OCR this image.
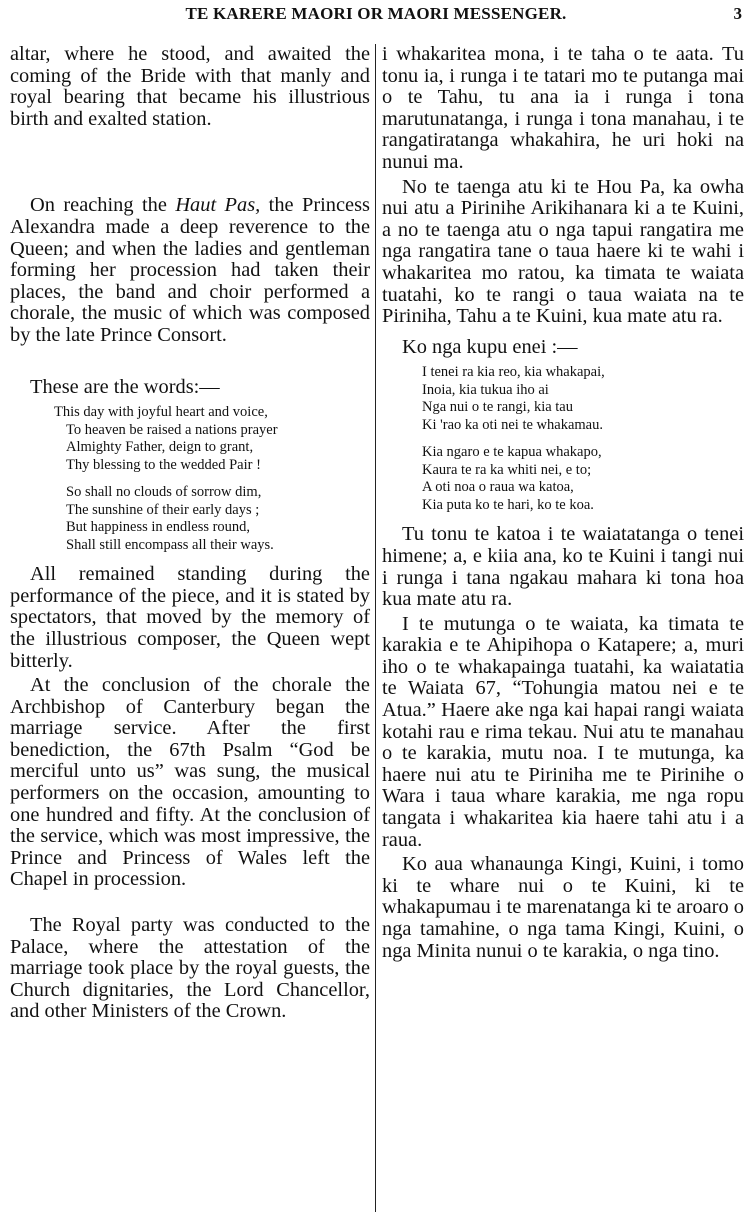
TE KARERE MAORI OR MAORI MESSENGER.	3

altar, where he stood, and awaited the coming of the Bride with that manly and royal bearing that became his illustrious birth and exalted station.

On reaching the Haut Pas, the Princess Alexandra made a deep reverence to the Queen; and when the ladies and gentleman forming her procession had taken their places, the band and choir performed a chorale, the music of which was composed by the late Prince Consort.

These are the words:—

This day with joyful heart and voice,
To heaven be raised a nations prayer
Almighty Father, deign to grant,
Thy blessing to the wedded Pair !
So shall no clouds of sorrow dim,
The sunshine of their early days ;
But happiness in endless round,
Shall still encompass all their ways.

All remained standing during the performance of the piece, and it is stated by spectators, that moved by the memory of the illustrious composer, the Queen wept bitterly.

At the conclusion of the chorale the Archbishop of Canterbury began the marriage service. After the first benediction, the 67th Psalm “God be merciful unto us” was sung, the musical performers on the occasion, amounting to one hundred and fifty. At the conclusion of the service, which was most impressive, the Prince and Princess of Wales left the Chapel in procession.

The Royal party was conducted to the Palace, where the attestation of the marriage took place by the royal guests, the Church dignitaries, the Lord Chancellor, and other Ministers of the Crown.

i whakaritea mona, i te taha o te aata. Tu tonu ia, i runga i te tatari mo te putanga mai o te Tahu, tu ana ia i runga i tona marutunatanga, i runga i tona manahau, i te rangatiratanga whakahira, he uri hoki na nunui ma.

No te taenga atu ki te Hou Pa, ka owha nui atu a Pirinihe Arikihanara ki a te Kuini, a no te taenga atu o nga tapui rangatira me nga rangatira tane o taua haere ki te wahi i whakaritea mo ratou, ka timata te waiata tuatahi, ko te rangi o taua waiata na te Piriniha, Tahu a te Kuini, kua mate atu ra.

Ko nga kupu enei :—

I tenei ra kia reo, kia whakapai,
Inoia, kia tukua iho ai
Nga nui o te rangi, kia tau
Ki 'rao ka oti nei te whakamau.
Kia ngaro e te kapua whakapo,
Kaura te ra ka whiti nei, e to;
A oti noa o raua wa katoa,
Kia puta ko te hari, ko te koa.

Tu tonu te katoa i te waiatatanga o tenei himene; a, e kiia ana, ko te Kuini i tangi nui i runga i tana ngakau mahara ki tona hoa kua mate atu ra.

I te mutunga o te waiata, ka timata te karakia e te Ahipihopa o Katapere; a, muri iho o te whakapainga tuatahi, ka waiatatia te Waiata 67, “Tohungia matou nei e te Atua.” Haere ake nga kai hapai rangi waiata kotahi rau e rima tekau. Nui atu te manahau o te karakia, mutu noa. I te mutunga, ka haere nui atu te Piriniha me te Pirinihe o Wara i taua whare karakia, me nga ropu tangata i whakaritea kia haere tahi atu i a raua.

Ko aua whanaunga Kingi, Kuini, i tomo ki te whare nui o te Kuini, ki te whakapumau i te marenatanga ki te aroaro o nga tamahine, o nga tama Kingi, Kuini, o nga Minita nunui o te karakia, o nga tino.
